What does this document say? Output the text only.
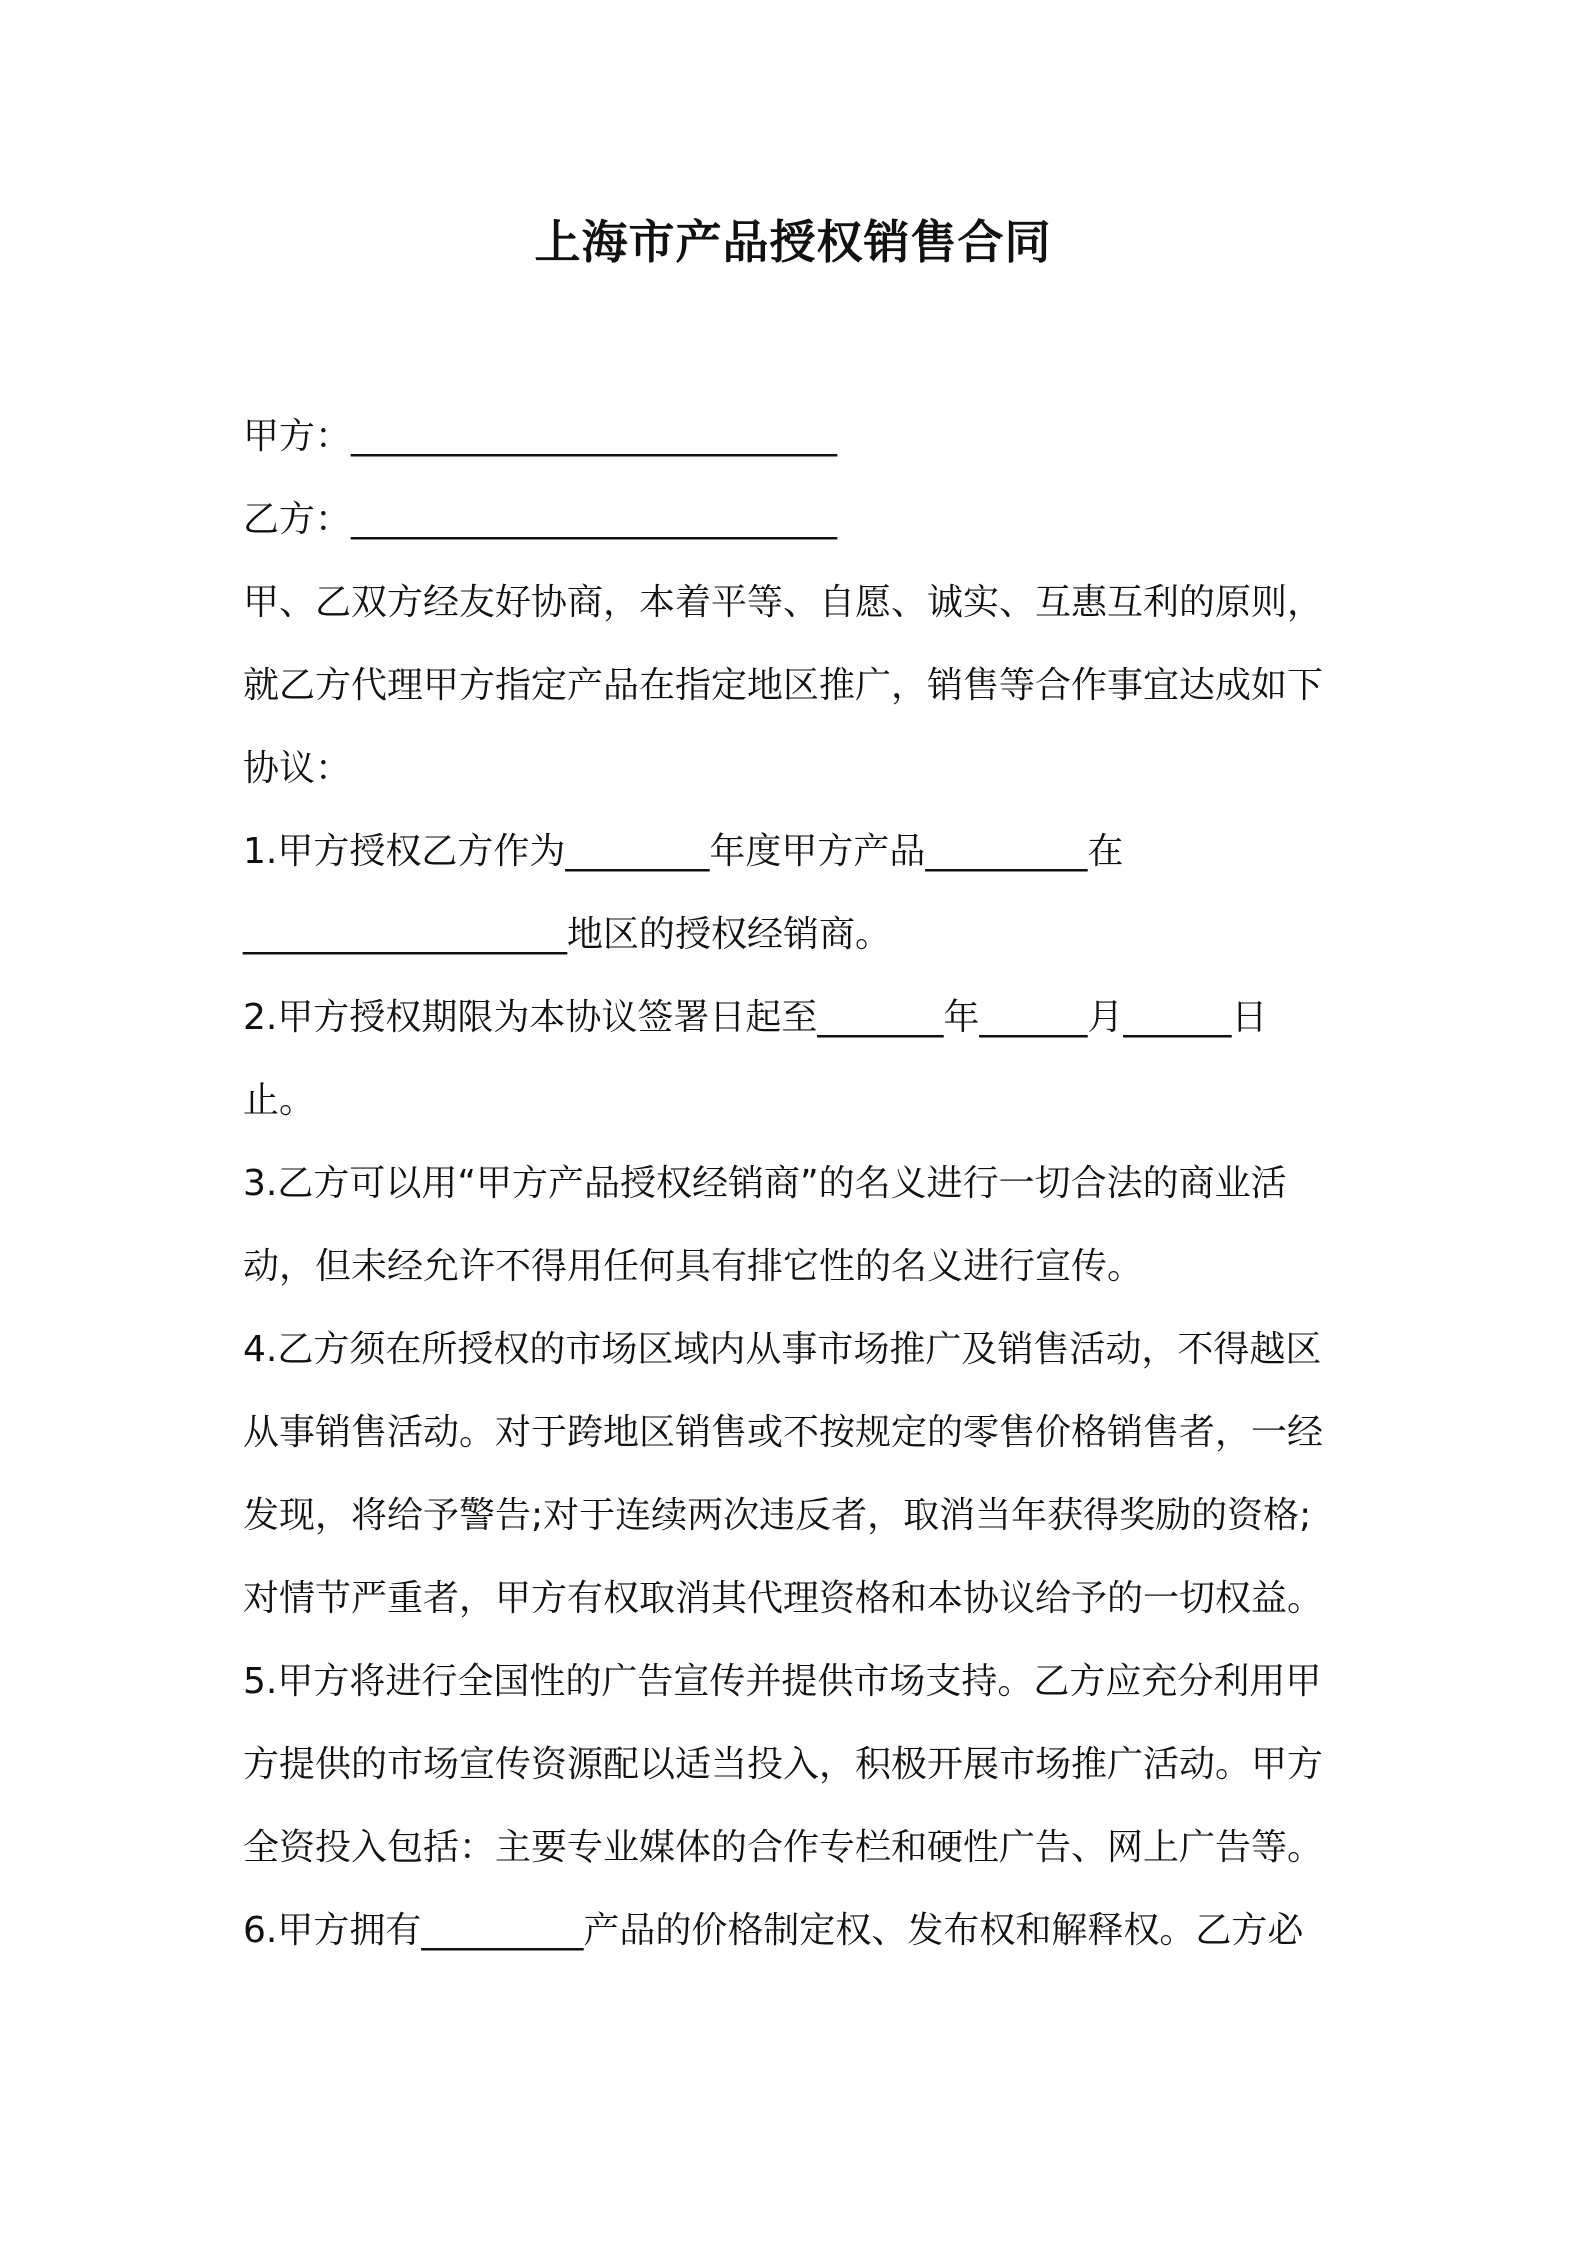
上海市产品授权销售合同
甲方：___________________________
乙方：___________________________
甲、乙双方经友好协商，本着平等、自愿、诚实、互惠互利的原则，
就乙方代理甲方指定产品在指定地区推广，销售等合作事宜达成如下
协议：
1.甲方授权乙方作为________年度甲方产品_________在
__________________地区的授权经销商。
2.甲方授权期限为本协议签署日起至_______年______月______日
止。
3.乙方可以用“甲方产品授权经销商”的名义进行一切合法的商业活
动，但未经允许不得用任何具有排它性的名义进行宣传。
4.乙方须在所授权的市场区域内从事市场推广及销售活动，不得越区
从事销售活动。对于跨地区销售或不按规定的零售价格销售者，一经
发现，将给予警告;对于连续两次违反者，取消当年获得奖励的资格;
对情节严重者，甲方有权取消其代理资格和本协议给予的一切权益。
5.甲方将进行全国性的广告宣传并提供市场支持。乙方应充分利用甲
方提供的市场宣传资源配以适当投入，积极开展市场推广活动。甲方
全资投入包括：主要专业媒体的合作专栏和硬性广告、网上广告等。
6.甲方拥有_________产品的价格制定权、发布权和解释权。乙方必
